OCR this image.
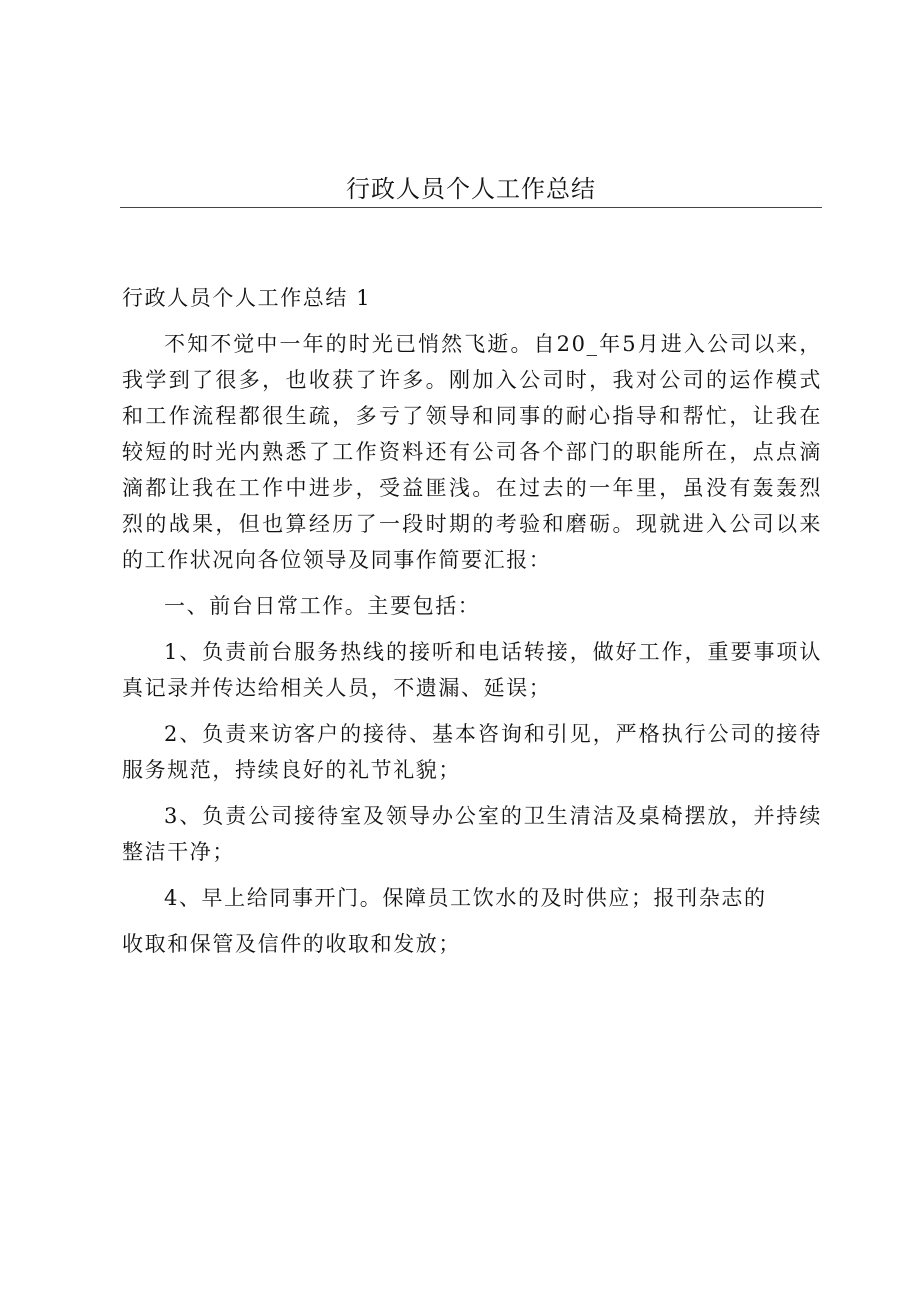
行政人员个人工作总结

行政人员个人工作总结 1

不知不觉中一年的时光已悄然飞逝。自20_年5月进入公司以来，我学到了很多，也收获了许多。刚加入公司时，我对公司的运作模式和工作流程都很生疏，多亏了领导和同事的耐心指导和帮忙，让我在较短的时光内熟悉了工作资料还有公司各个部门的职能所在，点点滴滴都让我在工作中进步，受益匪浅。在过去的一年里，虽没有轰轰烈烈的战果，但也算经历了一段时期的考验和磨砺。现就进入公司以来的工作状况向各位领导及同事作简要汇报：

一、前台日常工作。主要包括：

1、负责前台服务热线的接听和电话转接，做好工作，重要事项认真记录并传达给相关人员，不遗漏、延误；

2、负责来访客户的接待、基本咨询和引见，严格执行公司的接待服务规范，持续良好的礼节礼貌；

3、负责公司接待室及领导办公室的卫生清洁及桌椅摆放，并持续整洁干净；

4、早上给同事开门。保障员工饮水的及时供应；报刊杂志的

收取和保管及信件的收取和发放；
